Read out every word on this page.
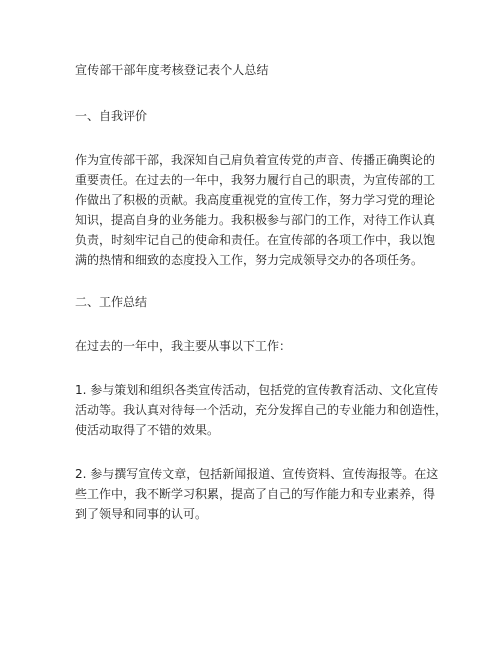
宣传部干部年度考核登记表个人总结
一、自我评价
作为宣传部干部，我深知自己肩负着宣传党的声音、传播正确舆论的
重要责任。在过去的一年中，我努力履行自己的职责，为宣传部的工
作做出了积极的贡献。我高度重视党的宣传工作，努力学习党的理论
知识，提高自身的业务能力。我积极参与部门的工作，对待工作认真
负责，时刻牢记自己的使命和责任。在宣传部的各项工作中，我以饱
满的热情和细致的态度投入工作，努力完成领导交办的各项任务。
二、工作总结
在过去的一年中，我主要从事以下工作：
1. 参与策划和组织各类宣传活动，包括党的宣传教育活动、文化宣传
活动等。我认真对待每一个活动，充分发挥自己的专业能力和创造性，
使活动取得了不错的效果。
2. 参与撰写宣传文章，包括新闻报道、宣传资料、宣传海报等。在这
些工作中，我不断学习积累，提高了自己的写作能力和专业素养，得
到了领导和同事的认可。
